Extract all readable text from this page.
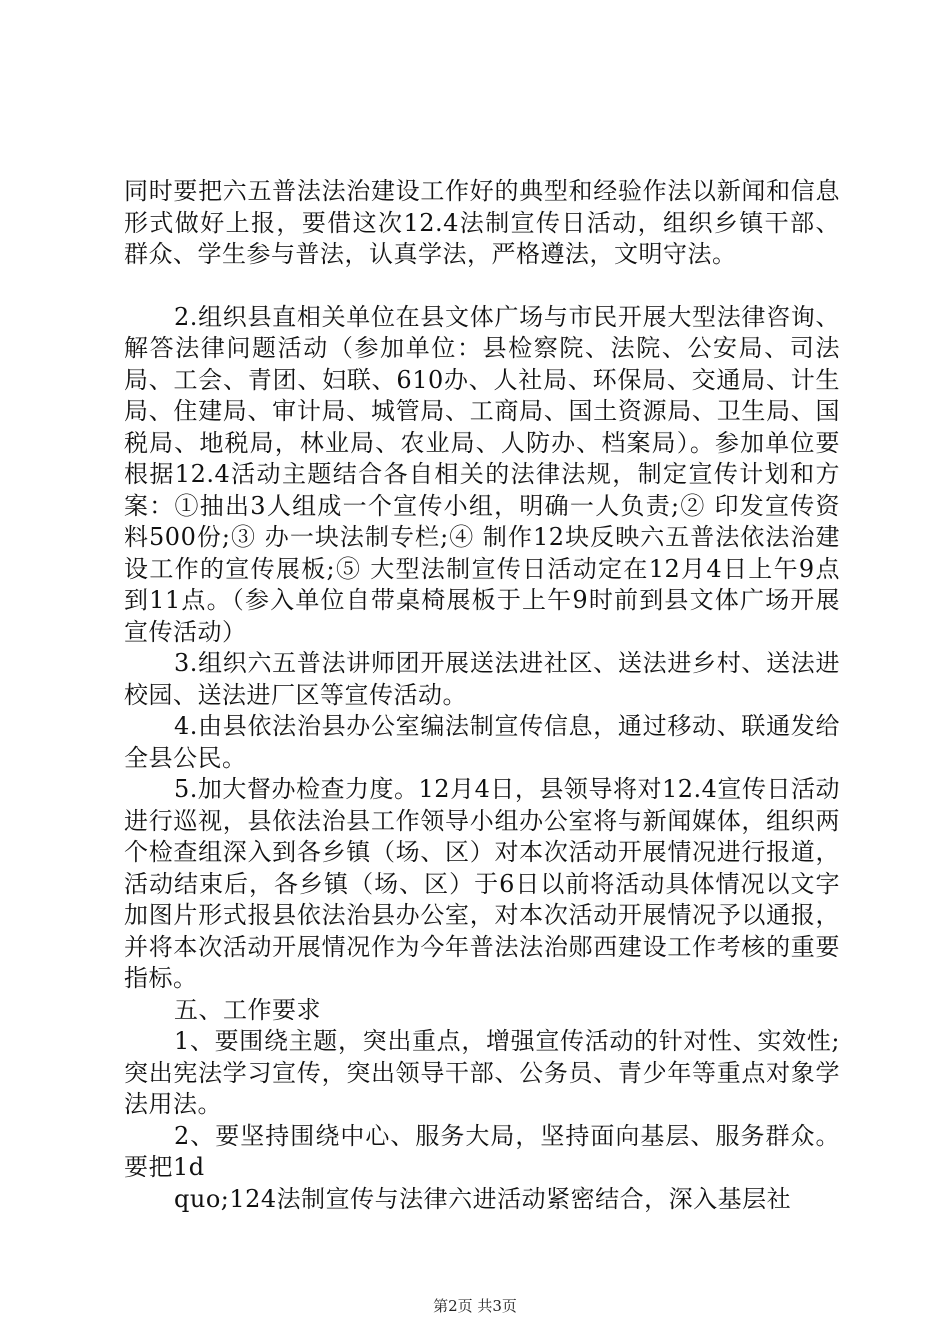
同时要把六五普法法治建设工作好的典型和经验作法以新闻和信息形式做好上报，要借这次12.4法制宣传日活动，组织乡镇干部、群众、学生参与普法，认真学法，严格遵法，文明守法。

2.组织县直相关单位在县文体广场与市民开展大型法律咨询、解答法律问题活动（参加单位：县检察院、法院、公安局、司法局、工会、青团、妇联、610办、人社局、环保局、交通局、计生局、住建局、审计局、城管局、工商局、国土资源局、卫生局、国税局、地税局，林业局、农业局、人防办、档案局）。参加单位要根据12.4活动主题结合各自相关的法律法规，制定宣传计划和方案：①抽出3人组成一个宣传小组，明确一人负责;② 印发宣传资料500份;③ 办一块法制专栏;④ 制作12块反映六五普法依法治建设工作的宣传展板;⑤ 大型法制宣传日活动定在12月4日上午9点到11点。（参入单位自带桌椅展板于上午9时前到县文体广场开展宣传活动）

3.组织六五普法讲师团开展送法进社区、送法进乡村、送法进校园、送法进厂区等宣传活动。

4.由县依法治县办公室编法制宣传信息，通过移动、联通发给全县公民。

5.加大督办检查力度。12月4日，县领导将对12.4宣传日活动进行巡视，县依法治县工作领导小组办公室将与新闻媒体，组织两个检查组深入到各乡镇（场、区）对本次活动开展情况进行报道，活动结束后，各乡镇（场、区）于6日以前将活动具体情况以文字加图片形式报县依法治县办公室，对本次活动开展情况予以通报，并将本次活动开展情况作为今年普法法治郧西建设工作考核的重要指标。

五、工作要求

1、要围绕主题，突出重点，增强宣传活动的针对性、实效性;突出宪法学习宣传，突出领导干部、公务员、青少年等重点对象学法用法。

2、要坚持围绕中心、服务大局，坚持面向基层、服务群众。要把1d

quo;124法制宣传与法律六进活动紧密结合，深入基层社

第2页 共3页
